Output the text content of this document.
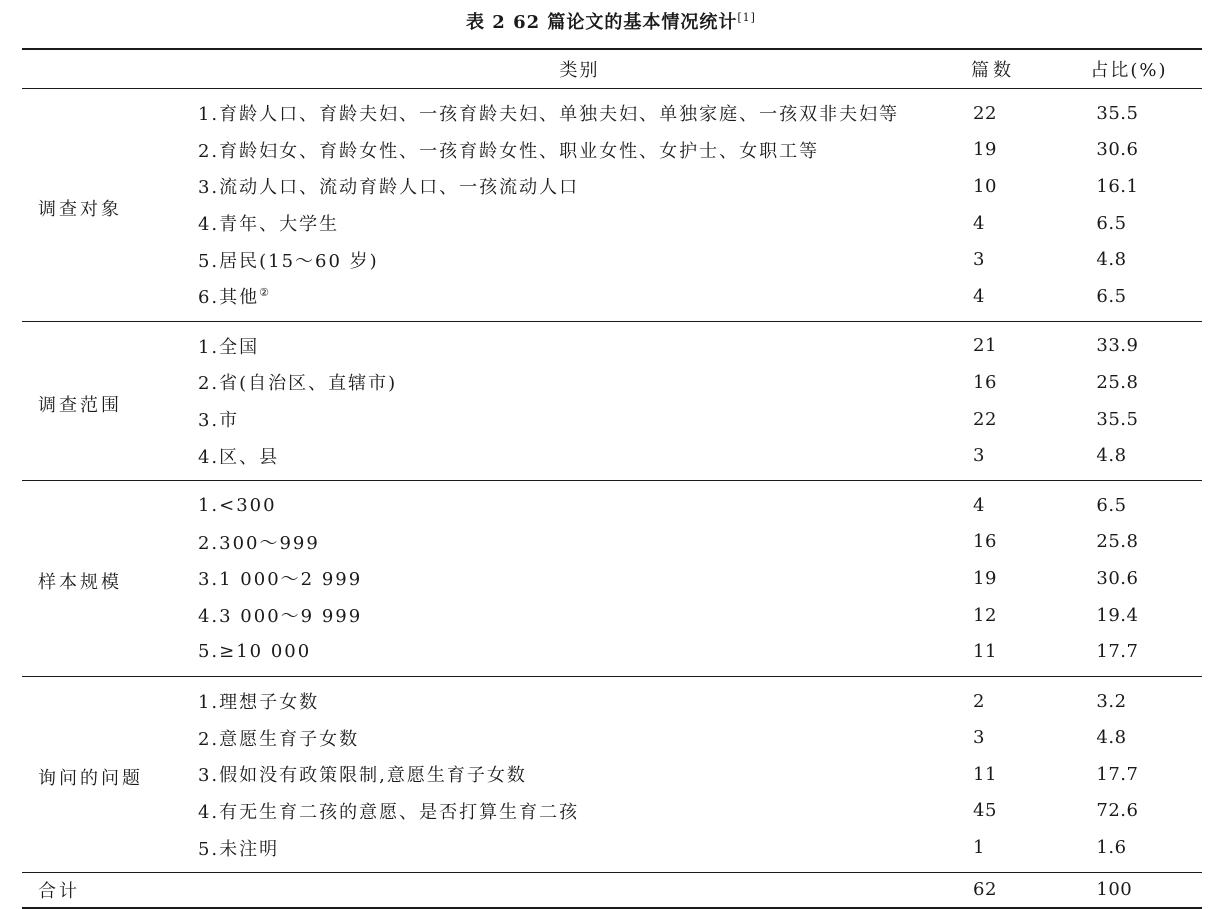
表 2 62 篇论文的基本情况统计[1]
	类别	篇数	占比(%)
调查对象	1.育龄人口、育龄夫妇、一孩育龄夫妇、单独夫妇、单独家庭、一孩双非夫妇等	22	35.5
	2.育龄妇女、育龄女性、一孩育龄女性、职业女性、女护士、女职工等	19	30.6
	3.流动人口、流动育龄人口、一孩流动人口	10	16.1
	4.青年、大学生	4	6.5
	5.居民(15～60 岁)	3	4.8
	6.其他②	4	6.5
调查范围	1.全国	21	33.9
	2.省(自治区、直辖市)	16	25.8
	3.市	22	35.5
	4.区、县	3	4.8
样本规模	1.<300	4	6.5
	2.300～999	16	25.8
	3.1 000～2 999	19	30.6
	4.3 000～9 999	12	19.4
	5.≥10 000	11	17.7
询问的问题	1.理想子女数	2	3.2
	2.意愿生育子女数	3	4.8
	3.假如没有政策限制,意愿生育子女数	11	17.7
	4.有无生育二孩的意愿、是否打算生育二孩	45	72.6
	5.未注明	1	1.6
合计		62	100
